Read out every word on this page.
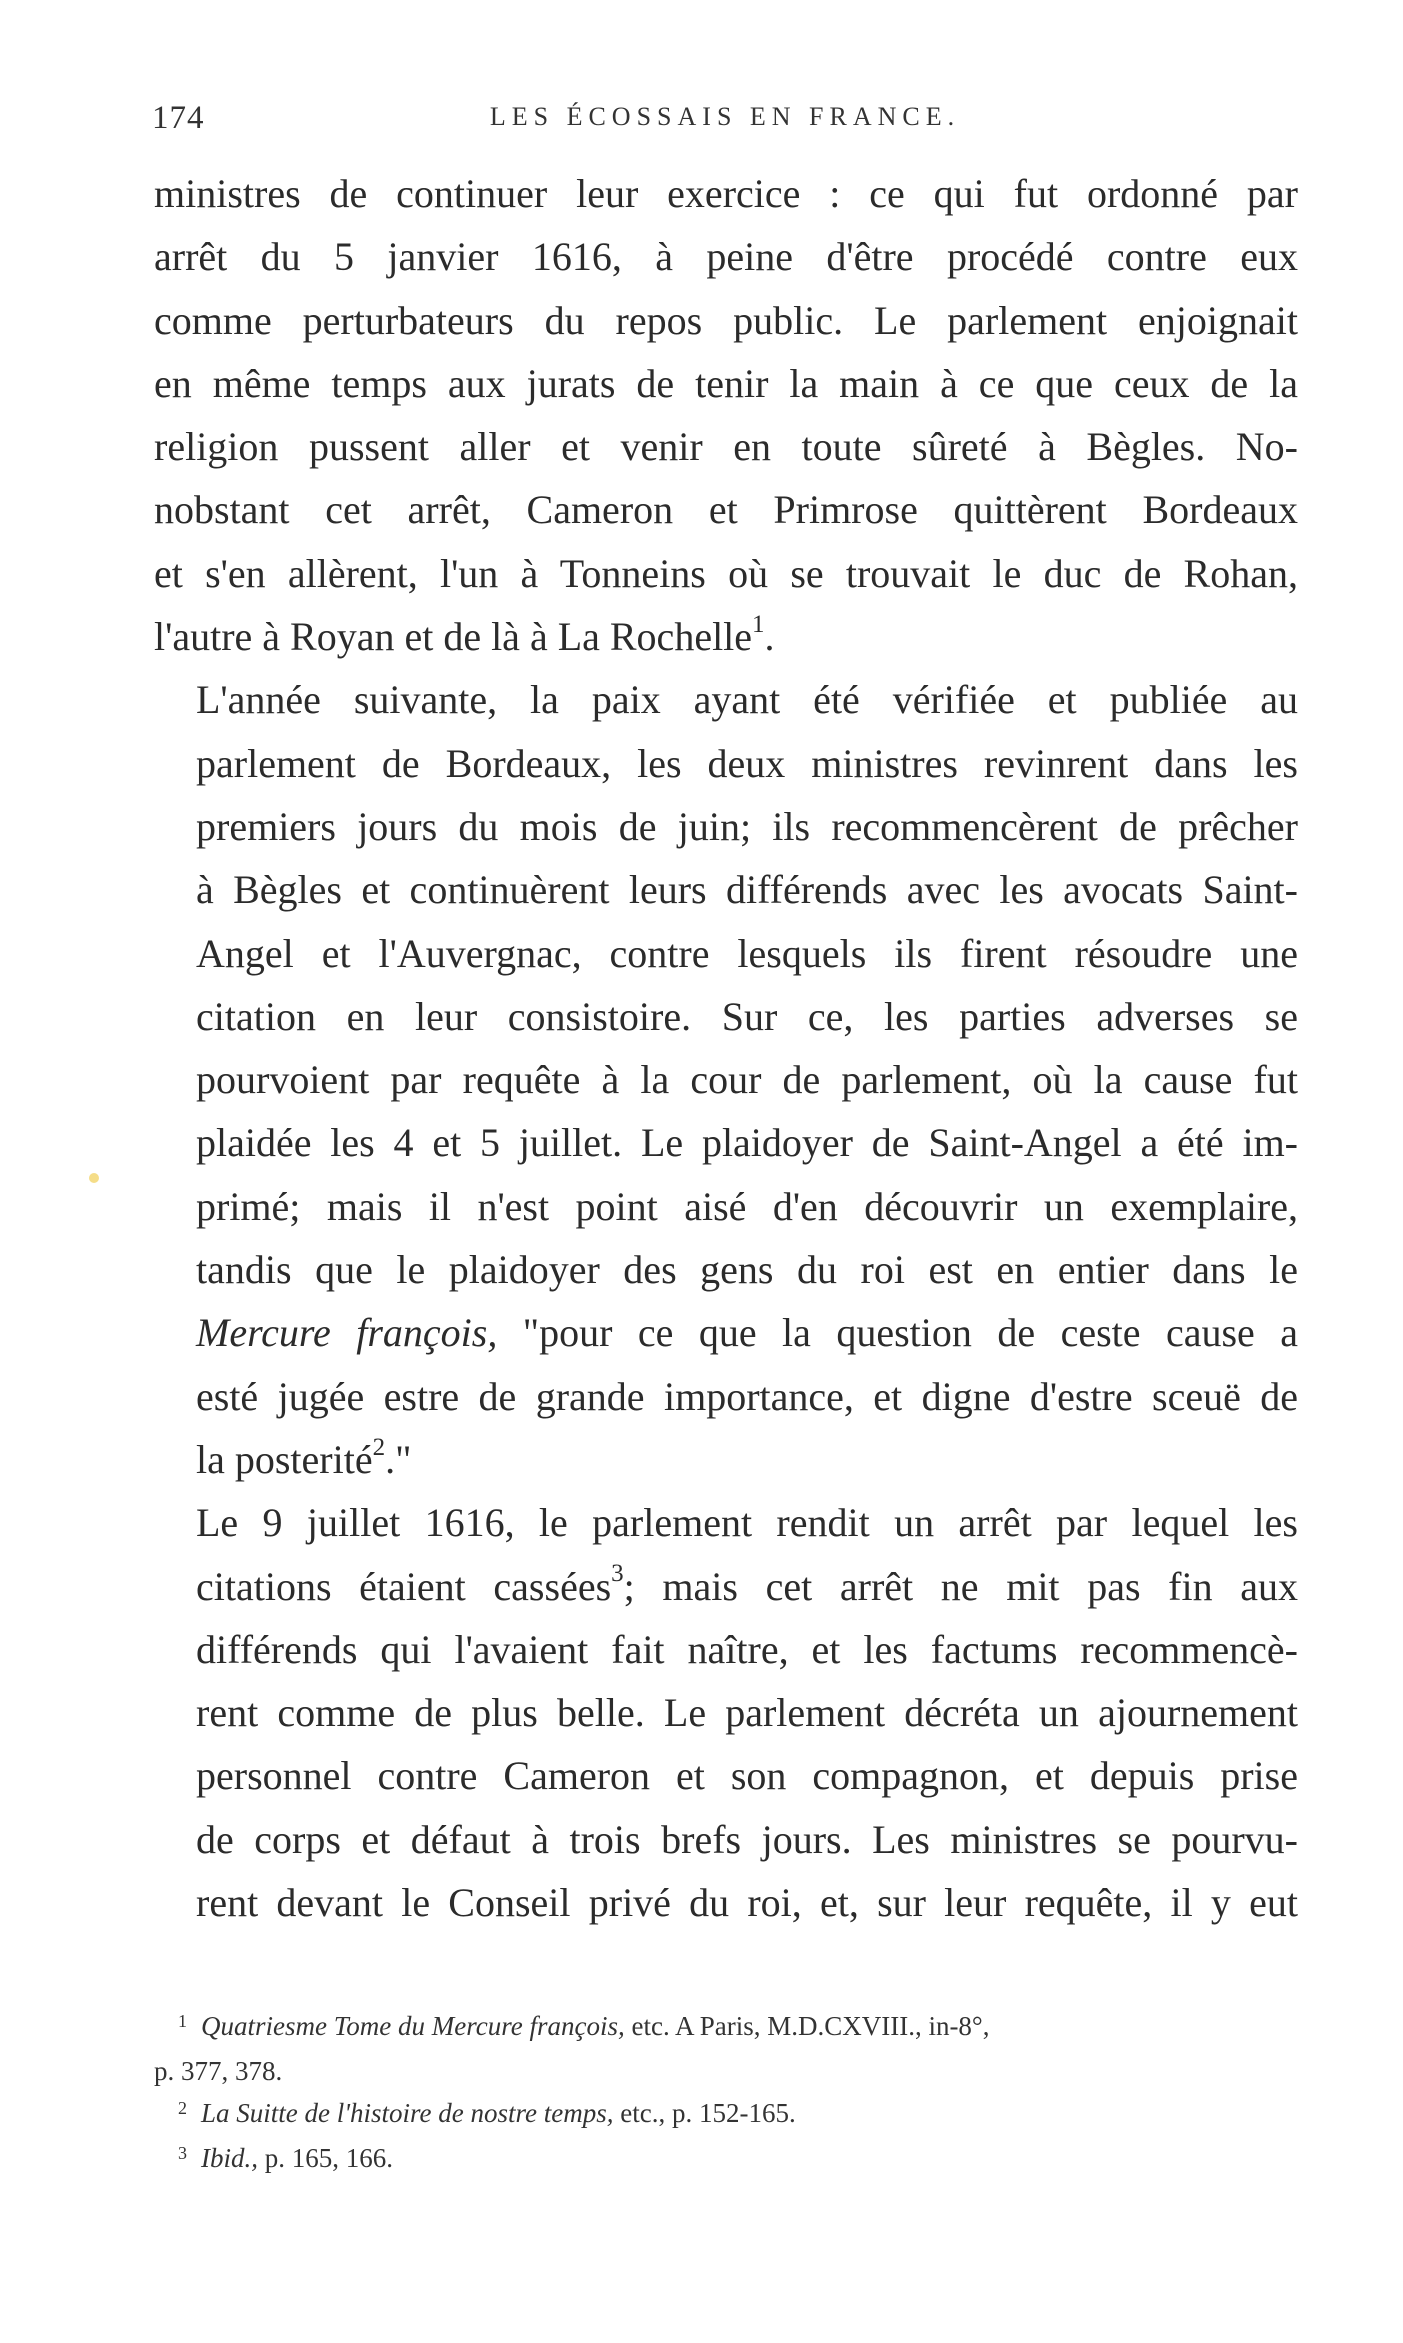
174	LES ÉCOSSAIS EN FRANCE.

ministres de continuer leur exercice : ce qui fut ordonné par
arrêt du 5 janvier 1616, à peine d'être procédé contre eux
comme perturbateurs du repos public. Le parlement enjoignait
en même temps aux jurats de tenir la main à ce que ceux de la
religion pussent aller et venir en toute sûreté à Bègles. No-
nobstant cet arrêt, Cameron et Primrose quittèrent Bordeaux
et s'en allèrent, l'un à Tonneins où se trouvait le duc de Rohan,
l'autre à Royan et de là à La Rochelle$^1$.

L'année suivante, la paix ayant été vérifiée et publiée au
parlement de Bordeaux, les deux ministres revinrent dans les
premiers jours du mois de juin; ils recommencèrent de prêcher
à Bègles et continuèrent leurs différends avec les avocats Saint-
Angel et l'Auvergnac, contre lesquels ils firent résoudre une
citation en leur consistoire. Sur ce, les parties adverses se
pourvoient par requête à la cour de parlement, où la cause fut
plaidée les 4 et 5 juillet. Le plaidoyer de Saint-Angel a été im-
primé; mais il n'est point aisé d'en découvrir un exemplaire,
tandis que le plaidoyer des gens du roi est en entier dans le
Mercure françois, "pour ce que la question de ceste cause a
esté jugée estre de grande importance, et digne d'estre sceuë de
la posterité$^2$."

Le 9 juillet 1616, le parlement rendit un arrêt par lequel les
citations étaient cassées$^3$; mais cet arrêt ne mit pas fin aux
différends qui l'avaient fait naître, et les factums recommencè-
rent comme de plus belle. Le parlement décréta un ajournement
personnel contre Cameron et son compagnon, et depuis prise
de corps et défaut à trois brefs jours. Les ministres se pourvu-
rent devant le Conseil privé du roi, et, sur leur requête, il y eut

$^1$ Quatriesme Tome du Mercure françois, etc. A Paris, M.D.CXVIII., in-8°,

p. 377, 378.

$^2$ La Suitte de l'histoire de nostre temps, etc., p. 152-165.

$^3$ Ibid., p. 165, 166.
